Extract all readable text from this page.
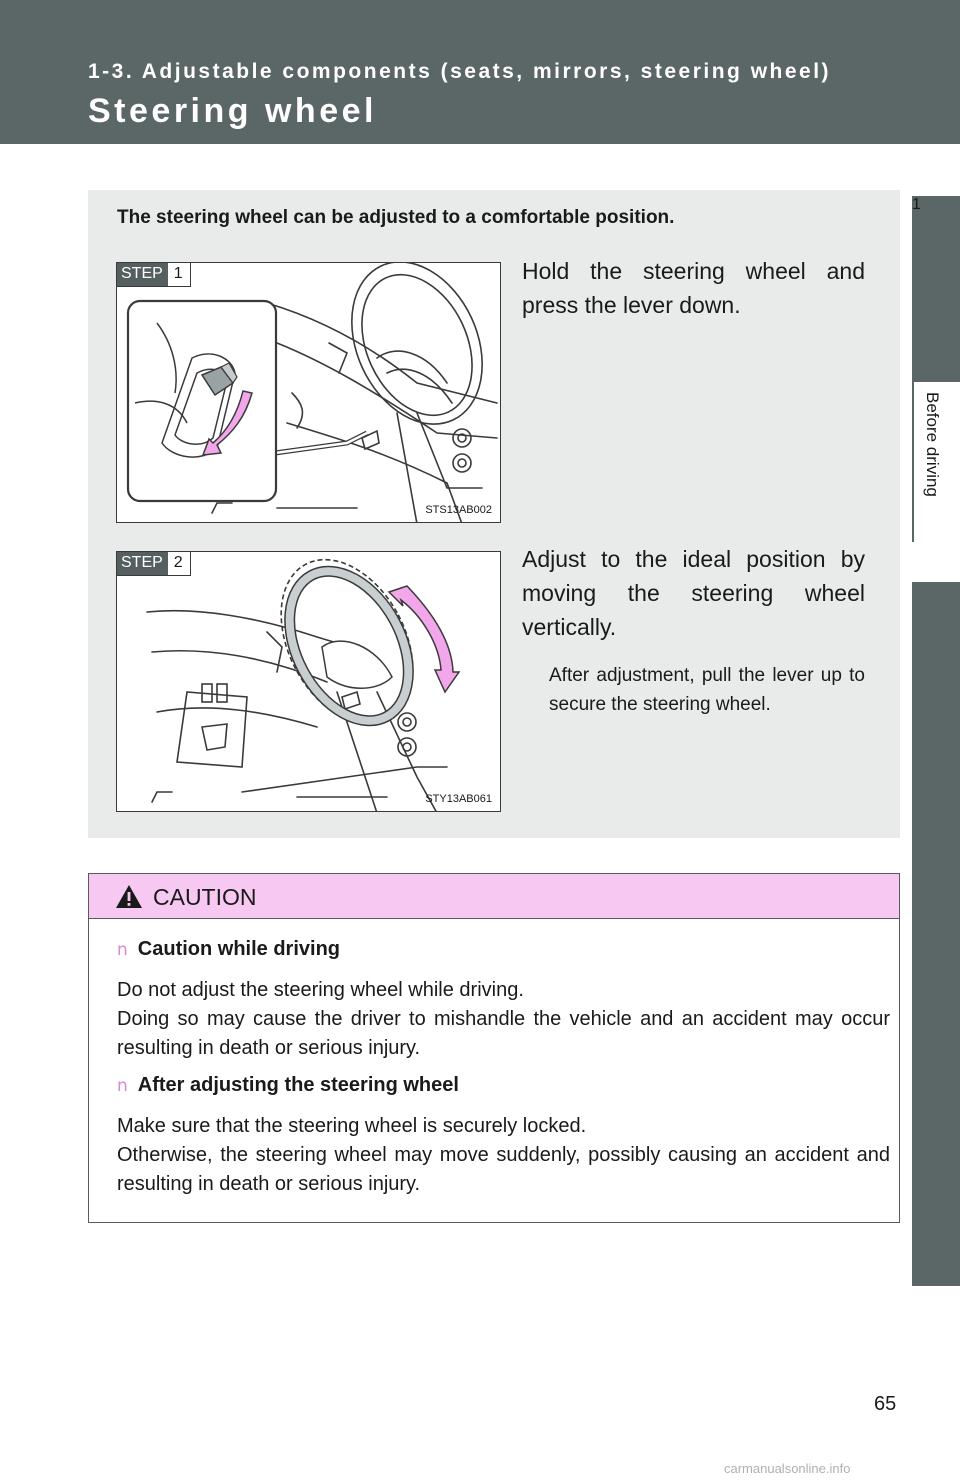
1-3. Adjustable components (seats, mirrors, steering wheel)
Steering wheel
1
Before driving
The steering wheel can be adjusted to a comfortable position.
STEP 1
STS13AB002
Hold the steering wheel and press the lever down.
STEP 2
STY13AB061
Adjust to the ideal position by moving the steering wheel vertically.
After adjustment, pull the lever up to secure the steering wheel.
CAUTION
n Caution while driving
Do not adjust the steering wheel while driving.
Doing so may cause the driver to mishandle the vehicle and an accident may occur resulting in death or serious injury.
n After adjusting the steering wheel
Make sure that the steering wheel is securely locked.
Otherwise, the steering wheel may move suddenly, possibly causing an accident and resulting in death or serious injury.
65
carmanualsonline.info
